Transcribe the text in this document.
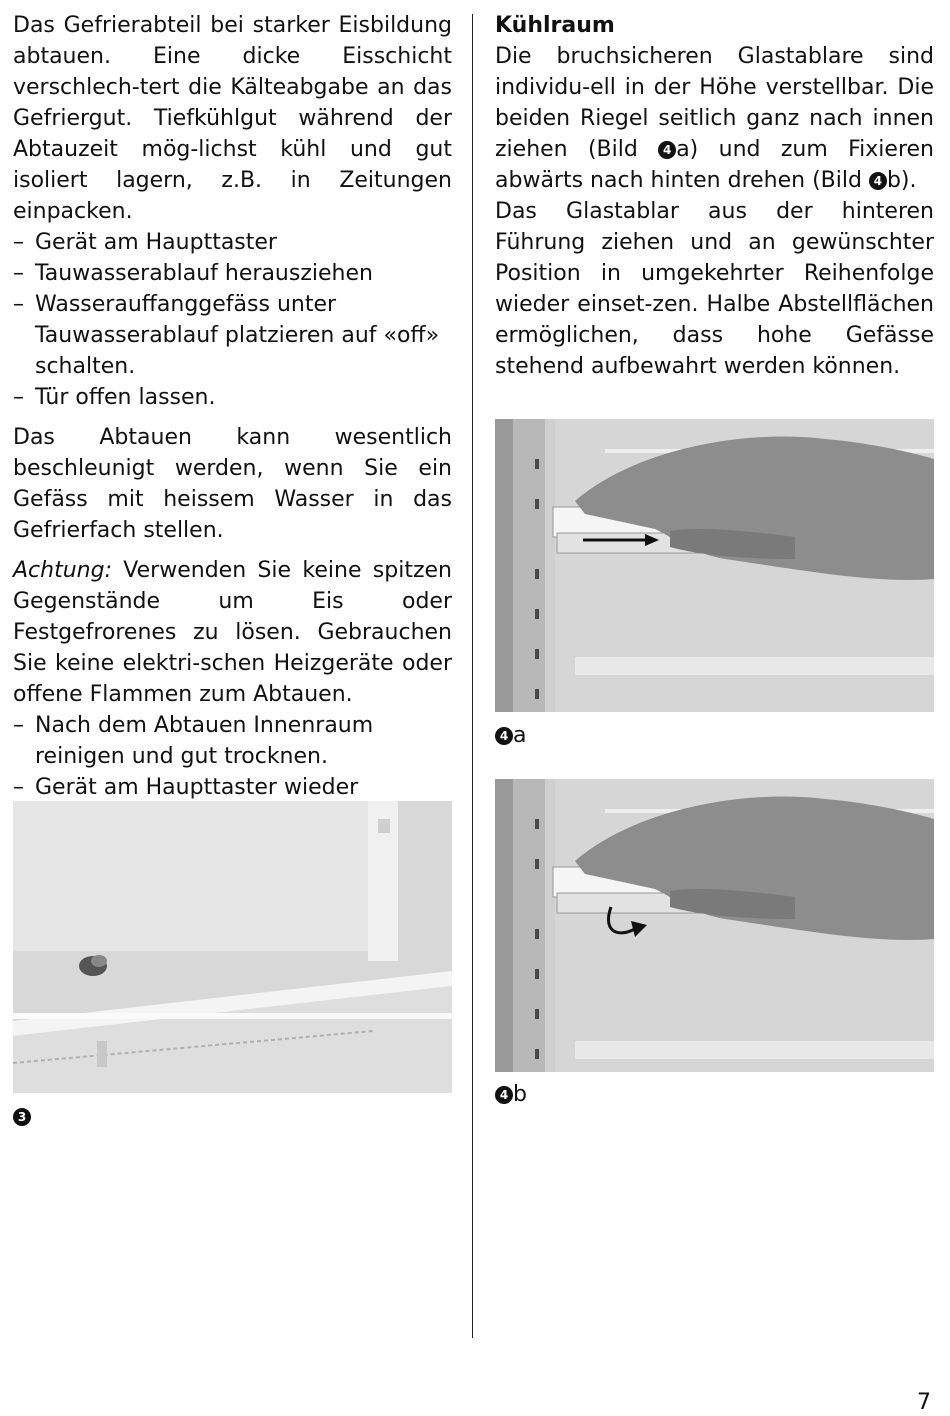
Das Gefrierabteil bei starker Eisbildung abtauen. Eine dicke Eisschicht verschlech-tert die Kälteabgabe an das Gefriergut. Tiefkühlgut während der Abtauzeit mög-lichst kühl und gut isoliert lagern, z.B. in Zeitungen einpacken.

– Gerät am Haupttaster
– Tauwasserablauf herausziehen
– Wasserauffanggefäss unter Tauwasserablauf platzieren auf «off» schalten.
– Tür offen lassen.

Das Abtauen kann wesentlich beschleunigt werden, wenn Sie ein Gefäss mit heissem Wasser in das Gefrierfach stellen.

Achtung: Verwenden Sie keine spitzen Gegenstände um Eis oder Festgefrorenes zu lösen. Gebrauchen Sie keine elektri-schen Heizgeräte oder offene Flammen zum Abtauen.

– Nach dem Abtauen Innenraum reinigen und gut trocknen.
– Gerät am Haupttaster wieder
3

Kühlraum

Die bruchsicheren Glastablare sind individu-ell in der Höhe verstellbar. Die beiden Riegel seitlich ganz nach innen ziehen (Bild 4 a) und zum Fixieren abwärts nach hinten drehen (Bild 4 b).

Das Glastablar aus der hinteren Führung ziehen und an gewünschter Position in umgekehrter Reihenfolge wieder einset-zen. Halbe Abstellflächen ermöglichen, dass hohe Gefässe stehend aufbewahrt werden können.

4 a
4 b
7
